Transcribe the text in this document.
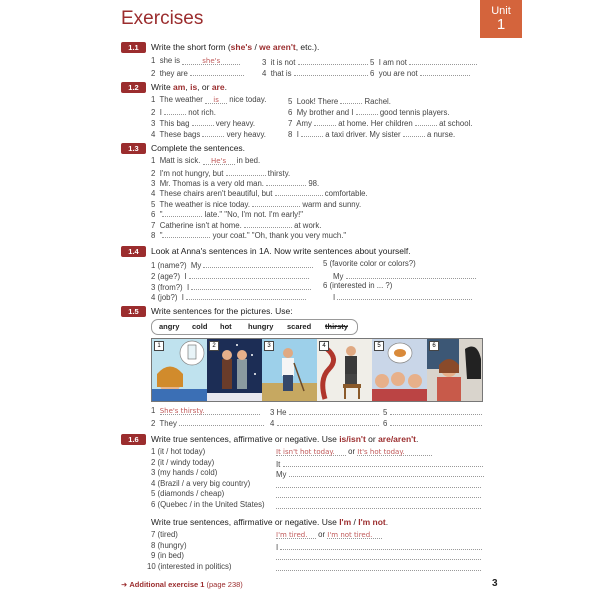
Exercises	Unit
1
1.1	Write the short form (she's / we aren't, etc.).
1 she is	she's
2 they are
3 it is not
4 that is
5 I am not
6 you are not
1.2	Write am, is, or are.
1 The weather is nice today.
2 I	not rich.
3 This bag	very heavy.
4 These bags	very heavy.
5 Look! There	Rachel.
6 My brother and I	good tennis players.
7 Amy	at home. Her children	at school.
8 I	a taxi driver. My sister	a nurse.
1.3	Complete the sentences.
1 Matt is sick. He's in bed.
2 I'm not hungry, but	thirsty.
3 Mr. Thomas is a very old man.	98.
4 These chairs aren't beautiful, but	comfortable.
5 The weather is nice today.	warm and sunny.
6 "	late." "No, I'm not. I'm early!"
7 Catherine isn't at home.	at work.
8 "	your coat." "Oh, thank you very much."
1.4	Look at Anna's sentences in 1A. Now write sentences about yourself.
1 (name?) My
2 (age?) I
3 (from?) I
4 (job?) I
5 (favorite color or colors?)
My
6 (interested in ... ?)
I
1.5	Write sentences for the pictures. Use:
angry cold hot hungry scared thirsty
1	2	3	4	5	6
1 She's thirsty.
2 They
3 He
4
5
6
1.6	Write true sentences, affirmative or negative. Use is/isn't or are/aren't.
1 (it / hot today)
2 (it / windy today)
3 (my hands / cold)
4 (Brazil / a very big country)
5 (diamonds / cheap)
6 (Quebec / in the United States)
It isn't hot today. or It's hot today.
It
My
Write true sentences, affirmative or negative. Use I'm / I'm not.
7 (tired)
8 (hungry)
9 (in bed)
10 (interested in politics)
I'm tired. or I'm not tired.
I
➜ Additional exercise 1 (page 238)	3
